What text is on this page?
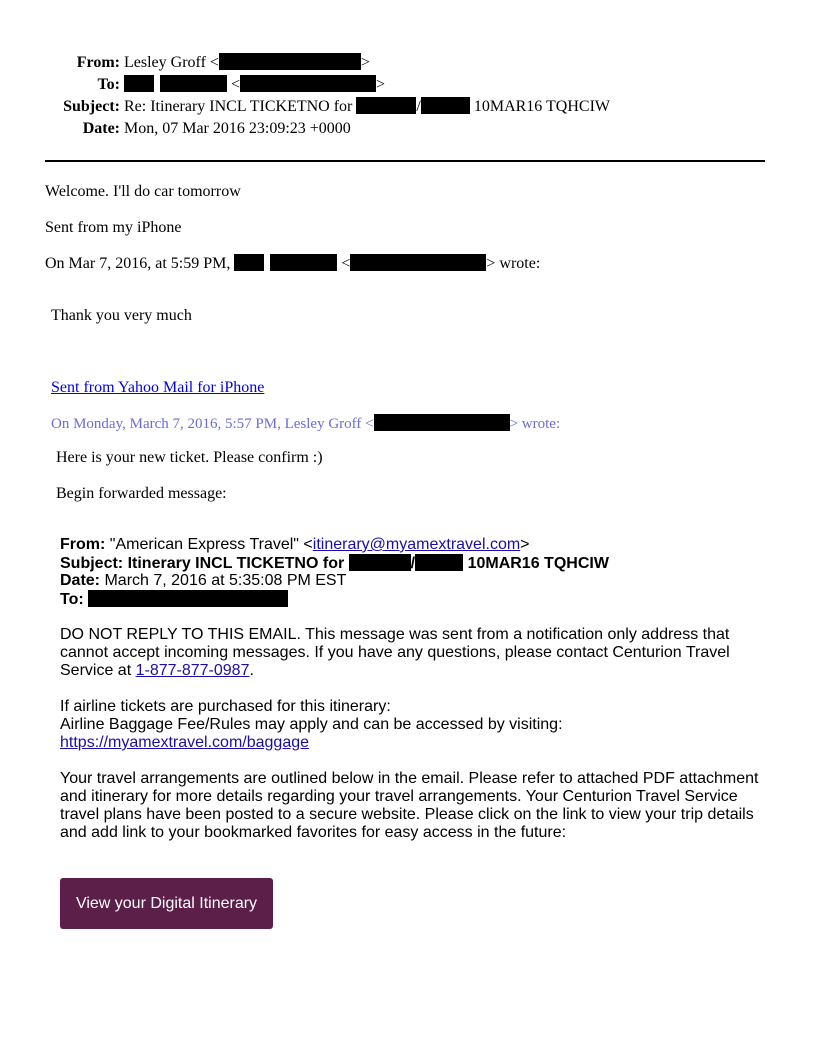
From: Lesley Groff <	>
To:	<	>
Subject: Re: Itinerary INCL TICKETNO for	/	10MAR16 TQHCIW
Date: Mon, 07 Mar 2016 23:09:23 +0000
Welcome. I'll do car tomorrow
Sent from my iPhone
On Mar 7, 2016, at 5:59 PM,	<	> wrote:
Thank you very much
Sent from Yahoo Mail for iPhone
On Monday, March 7, 2016, 5:57 PM, Lesley Groff <	> wrote:
Here is your new ticket. Please confirm :)
Begin forwarded message:
From: "American Express Travel" <itinerary@myamextravel.com>
Subject: Itinerary INCL TICKETNO for	/	10MAR16 TQHCIW
Date: March 7, 2016 at 5:35:08 PM EST
To:
DO NOT REPLY TO THIS EMAIL. This message was sent from a notification only address that cannot accept incoming messages. If you have any questions, please contact Centurion Travel Service at 1-877-877-0987.
If airline tickets are purchased for this itinerary:
Airline Baggage Fee/Rules may apply and can be accessed by visiting:
https://myamextravel.com/baggage
Your travel arrangements are outlined below in the email. Please refer to attached PDF attachment and itinerary for more details regarding your travel arrangements. Your Centurion Travel Service travel plans have been posted to a secure website. Please click on the link to view your trip details and add link to your bookmarked favorites for easy access in the future:
View your Digital Itinerary
